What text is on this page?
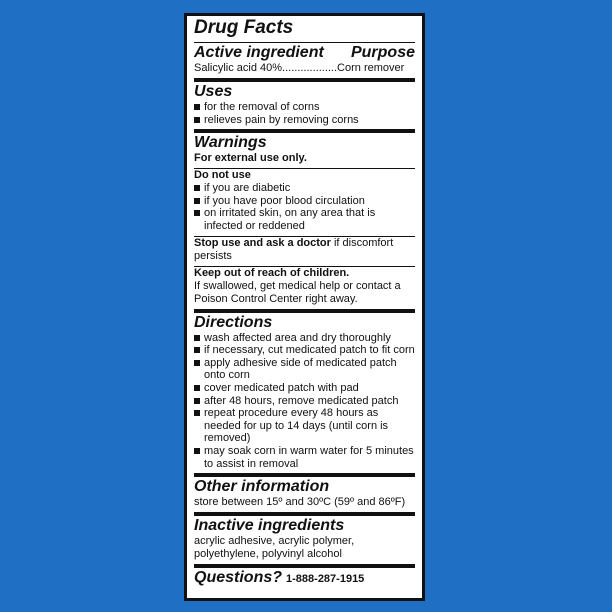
Drug Facts
Active ingredient Purpose
Salicylic acid 40%..................Corn remover
Uses
for the removal of corns
relieves pain by removing corns
Warnings
For external use only.
Do not use
if you are diabetic
if you have poor blood circulation
on irritated skin, on any area that is infected or reddened
Stop use and ask a doctor if discomfort persists
Keep out of reach of children.
If swallowed, get medical help or contact a Poison Control Center right away.
Directions
wash affected area and dry thoroughly
if necessary, cut medicated patch to fit corn
apply adhesive side of medicated patch onto corn
cover medicated patch with pad
after 48 hours, remove medicated patch
repeat procedure every 48 hours as needed for up to 14 days (until corn is removed)
may soak corn in warm water for 5 minutes to assist in removal
Other information
store between 15º and 30ºC (59º and 86ºF)
Inactive ingredients
acrylic adhesive, acrylic polymer, polyethylene, polyvinyl alcohol
Questions? 1-888-287-1915
